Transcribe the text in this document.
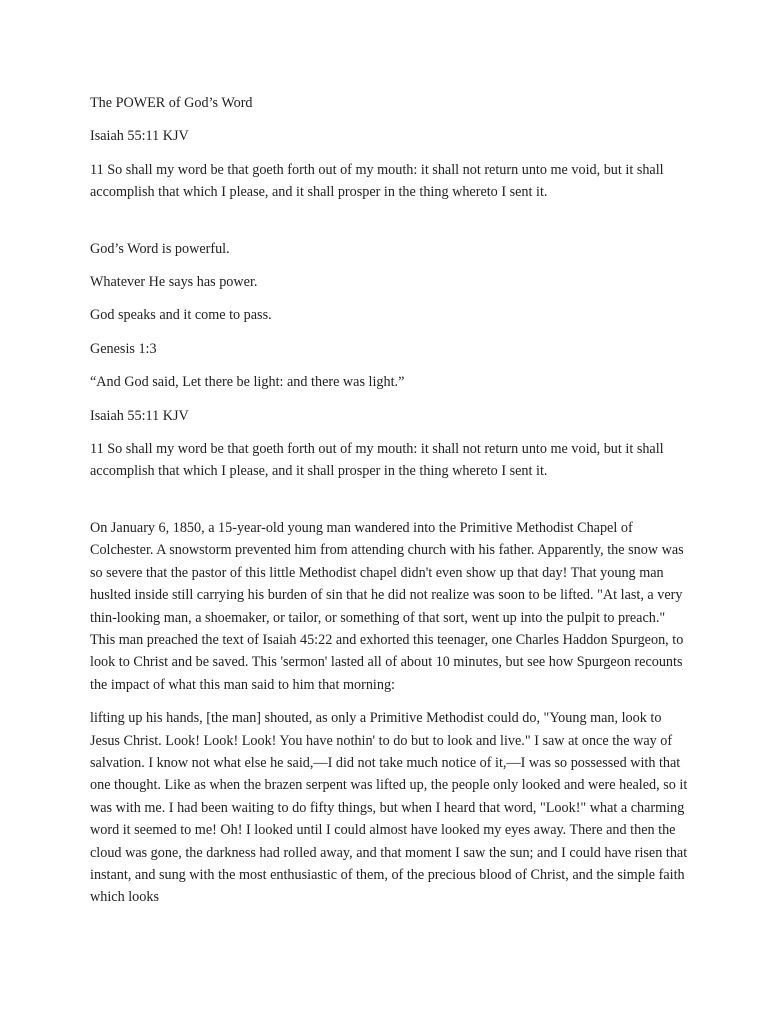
The POWER of God’s Word

Isaiah 55:11 KJV

11 So shall my word be that goeth forth out of my mouth: it shall not return unto me void, but it shall accomplish that which I please, and it shall prosper in the thing whereto I sent it.

God’s Word is powerful.

Whatever He says has power.

God speaks and it come to pass.

Genesis 1:3

“And God said, Let there be light: and there was light.”

Isaiah 55:11 KJV

11 So shall my word be that goeth forth out of my mouth: it shall not return unto me void, but it shall accomplish that which I please, and it shall prosper in the thing whereto I sent it.

On January 6, 1850, a 15-year-old young man wandered into the Primitive Methodist Chapel of Colchester. A snowstorm prevented him from attending church with his father. Apparently, the snow was so severe that the pastor of this little Methodist chapel didn't even show up that day! That young man huslted inside still carrying his burden of sin that he did not realize was soon to be lifted. "At last, a very thin-looking man, a shoemaker, or tailor, or something of that sort, went up into the pulpit to preach." This man preached the text of Isaiah 45:22 and exhorted this teenager, one Charles Haddon Spurgeon, to look to Christ and be saved. This 'sermon' lasted all of about 10 minutes, but see how Spurgeon recounts the impact of what this man said to him that morning:

lifting up his hands, [the man] shouted, as only a Primitive Methodist could do, "Young man, look to Jesus Christ. Look! Look! Look! You have nothin' to do but to look and live." I saw at once the way of salvation. I know not what else he said,—I did not take much notice of it,—I was so possessed with that one thought. Like as when the brazen serpent was lifted up, the people only looked and were healed, so it was with me. I had been waiting to do fifty things, but when I heard that word, "Look!" what a charming word it seemed to me! Oh! I looked until I could almost have looked my eyes away. There and then the cloud was gone, the darkness had rolled away, and that moment I saw the sun; and I could have risen that instant, and sung with the most enthusiastic of them, of the precious blood of Christ, and the simple faith which looks
